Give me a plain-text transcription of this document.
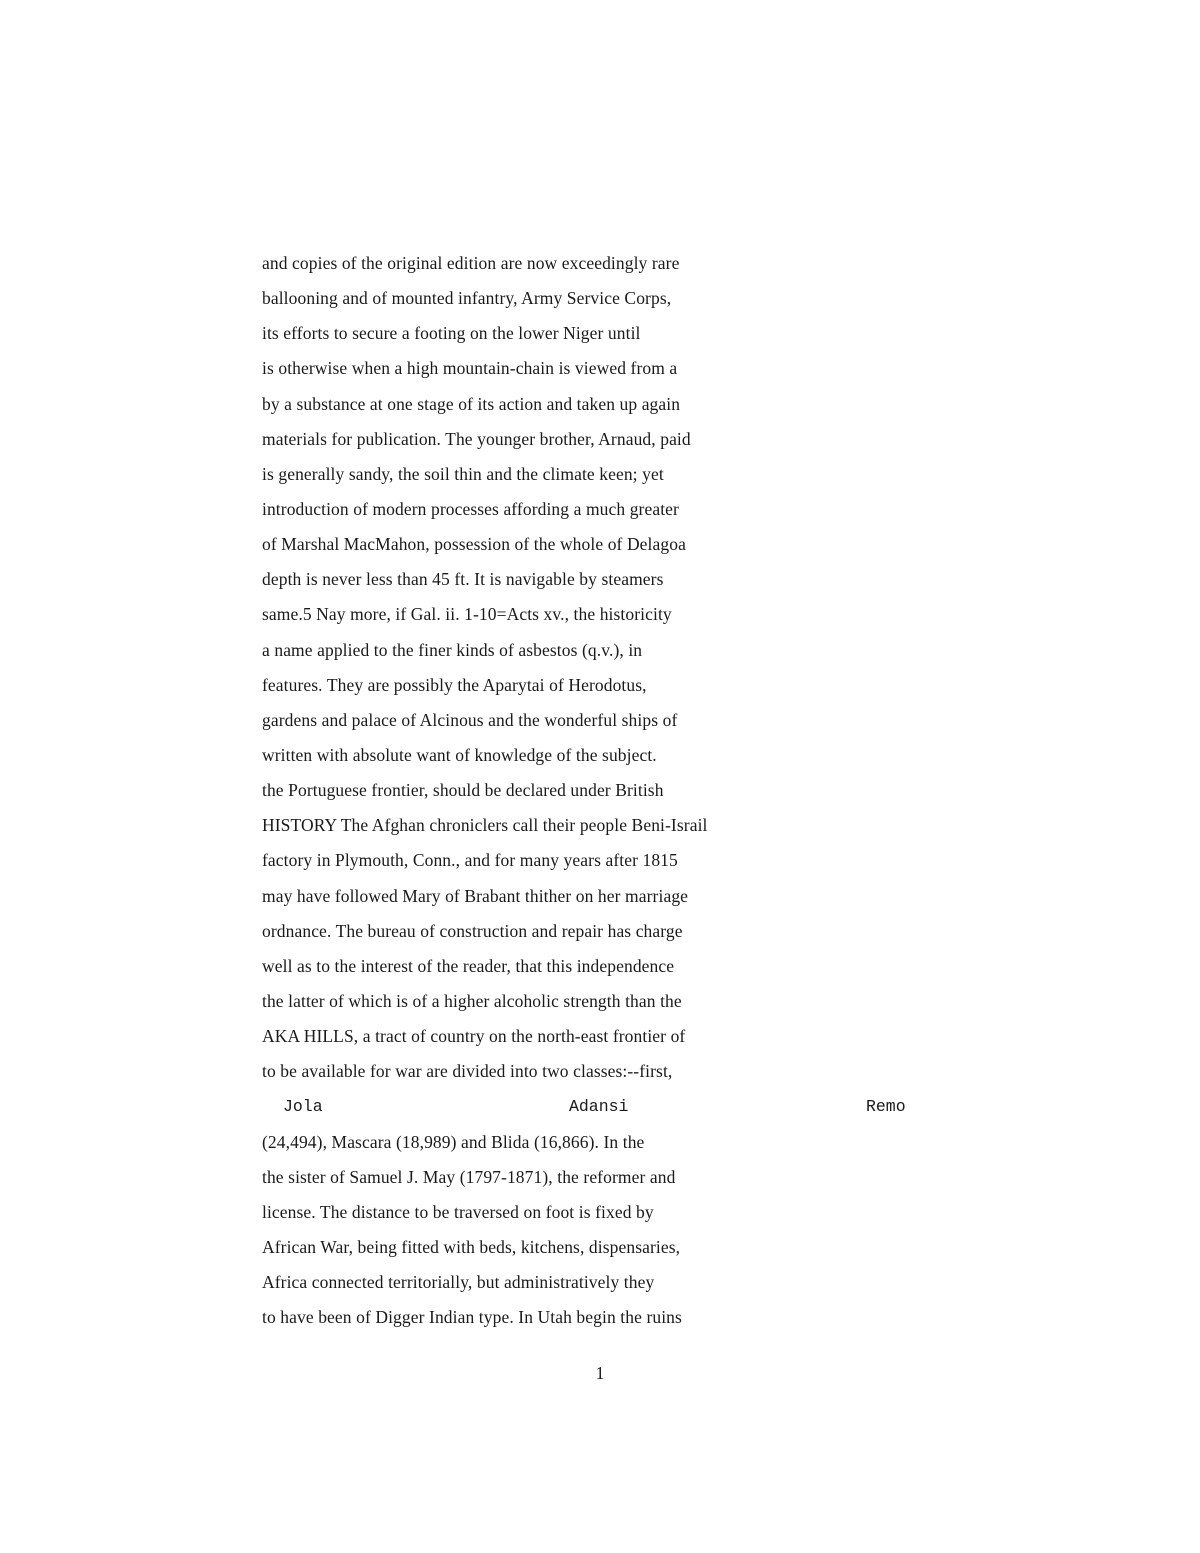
and copies of the original edition are now exceedingly rare
ballooning and of mounted infantry, Army Service Corps,
its efforts to secure a footing on the lower Niger until
is otherwise when a high mountain-chain is viewed from a
by a substance at one stage of its action and taken up again
materials for publication. The younger brother, Arnaud, paid
is generally sandy, the soil thin and the climate keen; yet
introduction of modern processes affording a much greater
of Marshal MacMahon, possession of the whole of Delagoa
depth is never less than 45 ft. It is navigable by steamers
same.5 Nay more, if Gal. ii. 1-10=Acts xv., the historicity
a name applied to the finer kinds of asbestos (q.v.), in
features. They are possibly the Aparytai of Herodotus,
gardens and palace of Alcinous and the wonderful ships of
written with absolute want of knowledge of the subject.
the Portuguese frontier, should be declared under British
HISTORY The Afghan chroniclers call their people Beni-Israil
factory in Plymouth, Conn., and for many years after 1815
may have followed Mary of Brabant thither on her marriage
ordnance. The bureau of construction and repair has charge
well as to the interest of the reader, that this independence
the latter of which is of a higher alcoholic strength than the
AKA HILLS, a tract of country on the north-east frontier of
to be available for war are divided into two classes:--first,
Jola	Adansi	Remo
(24,494), Mascara (18,989) and Blida (16,866). In the
the sister of Samuel J. May (1797-1871), the reformer and
license. The distance to be traversed on foot is fixed by
African War, being fitted with beds, kitchens, dispensaries,
Africa connected territorially, but administratively they
to have been of Digger Indian type. In Utah begin the ruins
1
